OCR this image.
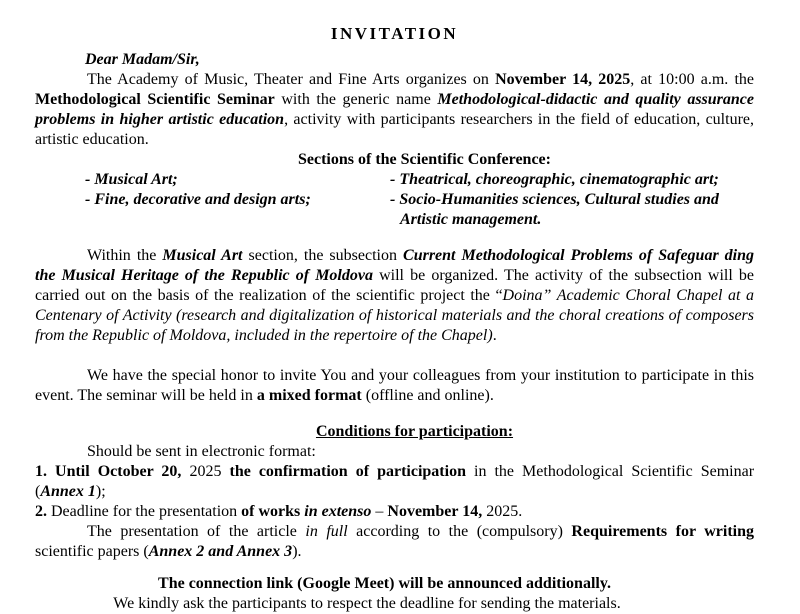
INVITATION
Dear Madam/Sir,
The Academy of Music, Theater and Fine Arts organizes on November 14, 2025, at 10:00 a.m. the Methodological Scientific Seminar with the generic name Methodological-didactic and quality assurance problems in higher artistic education, activity with participants researchers in the field of education, culture, artistic education.
Sections of the Scientific Conference:
- Musical Art;
- Fine, decorative and design arts;
- Theatrical, choreographic, cinematographic art;
- Socio-Humanities sciences, Cultural studies and Artistic management.
Within the Musical Art section, the subsection Current Methodological Problems of Safeguar ding the Musical Heritage of the Republic of Moldova will be organized. The activity of the subsection will be carried out on the basis of the realization of the scientific project the “Doina” Academic Choral Chapel at a Centenary of Activity (research and digitalization of historical materials and the choral creations of composers from the Republic of Moldova, included in the repertoire of the Chapel).
We have the special honor to invite You and your colleagues from your institution to participate in this event. The seminar will be held in a mixed format (offline and online).
Conditions for participation:
Should be sent in electronic format:
1. Until October 20, 2025 the confirmation of participation in the Methodological Scientific Seminar (Annex 1);
2. Deadline for the presentation of works in extenso – November 14, 2025.
The presentation of the article in full according to the (compulsory) Requirements for writing scientific papers (Annex 2 and Annex 3).
The connection link (Google Meet) will be announced additionally.
We kindly ask the participants to respect the deadline for sending the materials.
